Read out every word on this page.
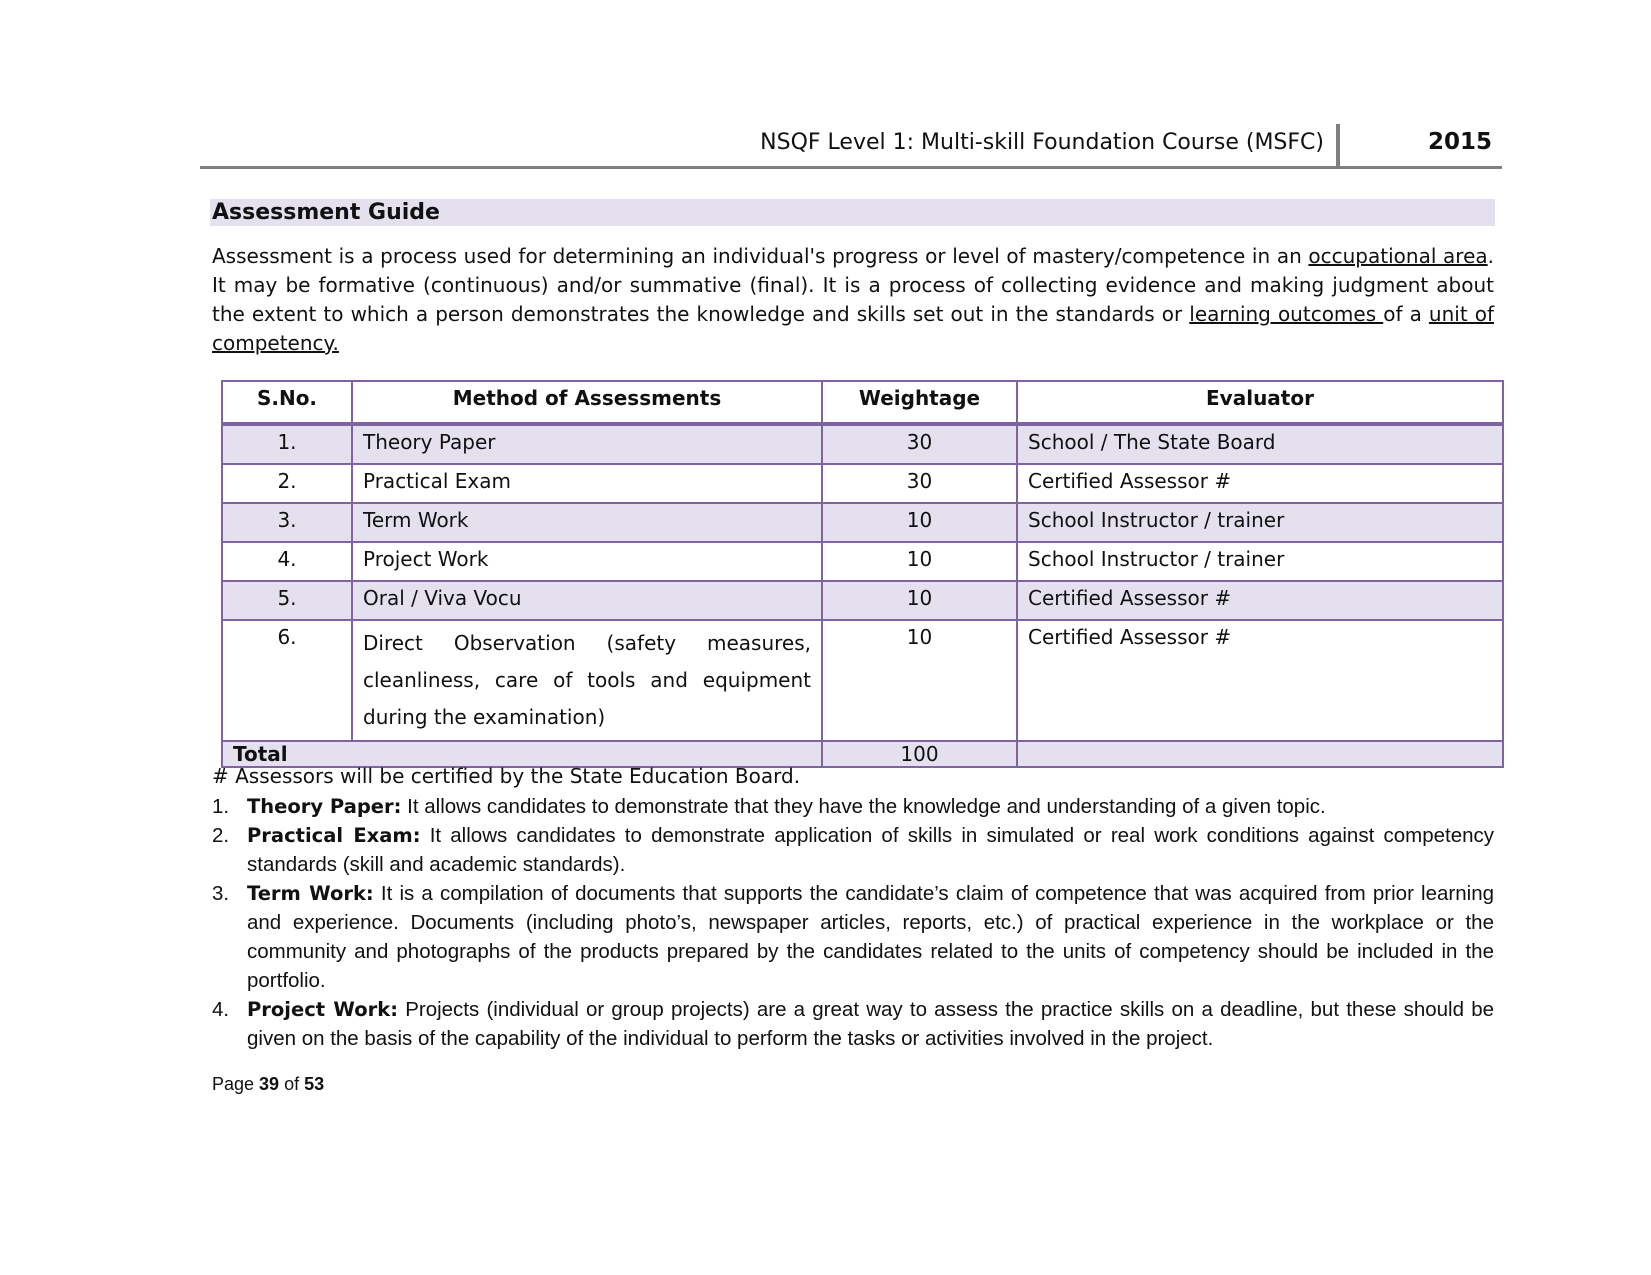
NSQF Level 1: Multi-skill Foundation Course (MSFC)	2015
Assessment Guide

Assessment is a process used for determining an individual's progress or level of mastery/competence in an occupational area. It may be formative (continuous) and/or summative (final). It is a process of collecting evidence and making judgment about the extent to which a person demonstrates the knowledge and skills set out in the standards or learning outcomes of a unit of competency.

S.No.	Method of Assessments	Weightage	Evaluator
1.	Theory Paper	30	School / The State Board
2.	Practical Exam	30	Certified Assessor #
3.	Term Work	10	School Instructor / trainer
4.	Project Work	10	School Instructor / trainer
5.	Oral / Viva Vocu	10	Certified Assessor #
6.	Direct Observation (safety measures, cleanliness, care of tools and equipment during the examination)	10	Certified Assessor #
Total		100	
# Assessors will be certified by the State Education Board.
1. Theory Paper: It allows candidates to demonstrate that they have the knowledge and understanding of a given topic.
2. Practical Exam: It allows candidates to demonstrate application of skills in simulated or real work conditions against competency standards (skill and academic standards).
3. Term Work: It is a compilation of documents that supports the candidate’s claim of competence that was acquired from prior learning and experience. Documents (including photo’s, newspaper articles, reports, etc.) of practical experience in the workplace or the community and photographs of the products prepared by the candidates related to the units of competency should be included in the portfolio.
4. Project Work: Projects (individual or group projects) are a great way to assess the practice skills on a deadline, but these should be given on the basis of the capability of the individual to perform the tasks or activities involved in the project.
Page 39 of 53
